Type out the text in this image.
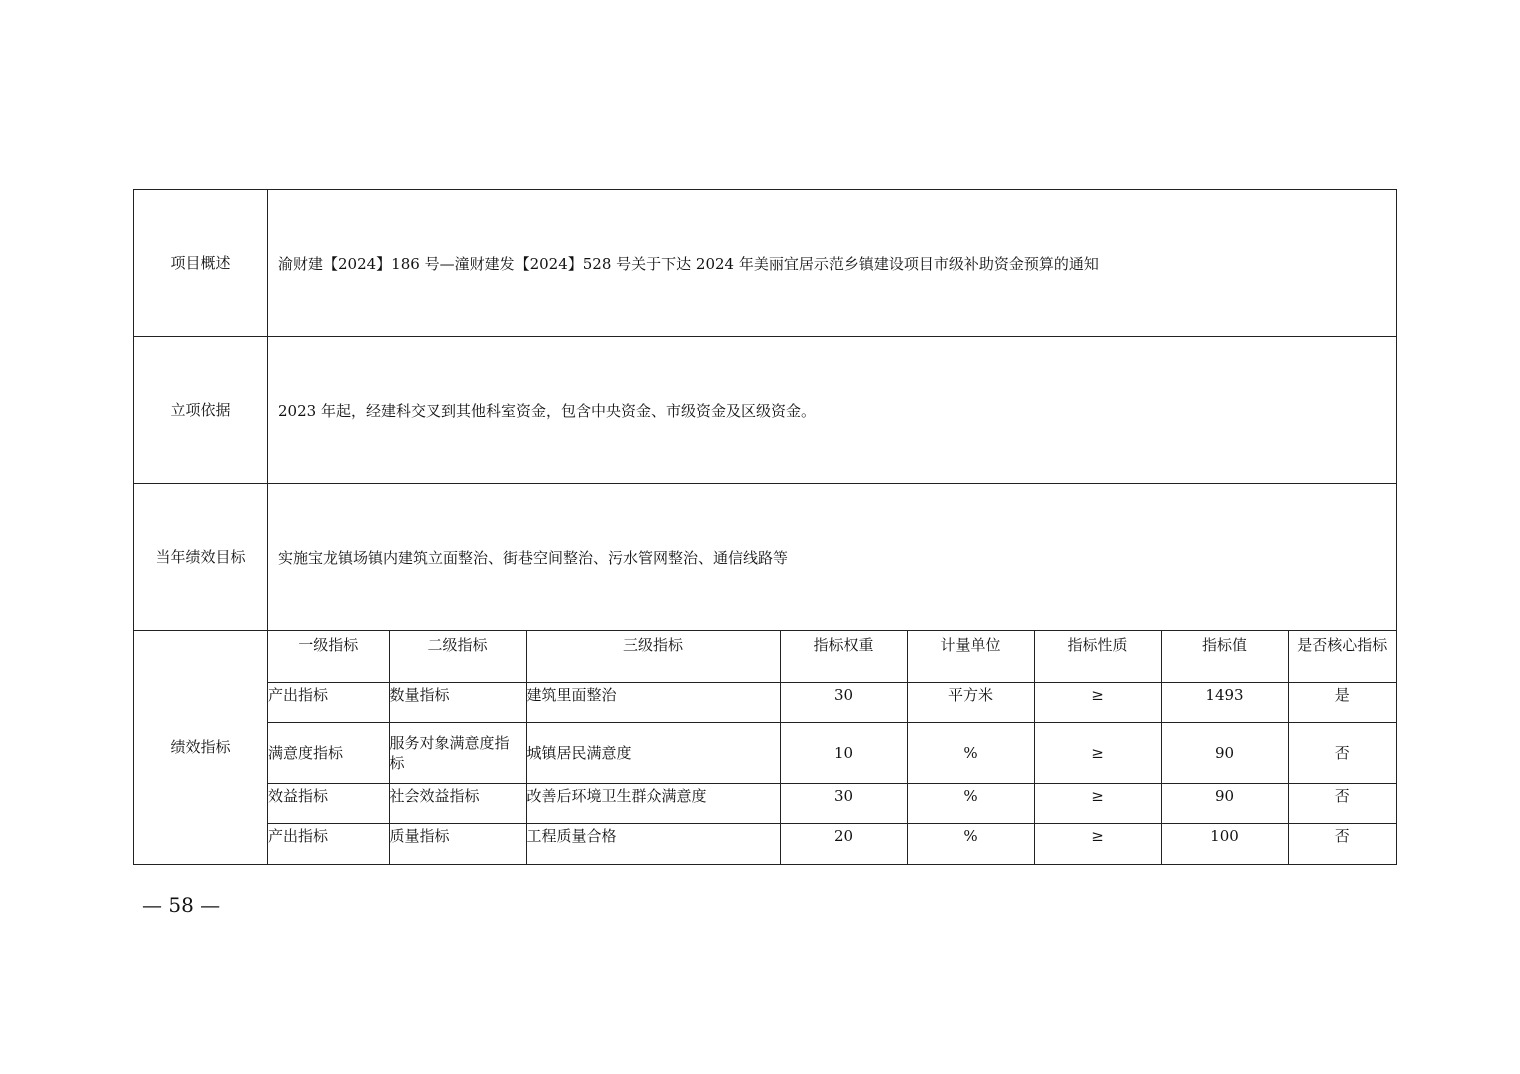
项目概述	渝财建【2024】186 号—潼财建发【2024】528 号关于下达 2024 年美丽宜居示范乡镇建设项目市级补助资金预算的通知
立项依据	2023 年起，经建科交叉到其他科室资金，包含中央资金、市级资金及区级资金。
当年绩效目标	实施宝龙镇场镇内建筑立面整治、街巷空间整治、污水管网整治、通信线路等
绩效指标	
一级指标	二级指标	三级指标	指标权重	计量单位	指标性质	指标值	是否核心指标
产出指标	数量指标	建筑里面整治	30	平方米	≥	1493	是
满意度指标	服务对象满意度指标	城镇居民满意度	10	%	≥	90	否
效益指标	社会效益指标	改善后环境卫生群众满意度	30	%	≥	90	否
产出指标	质量指标	工程质量合格	20	%	≥	100	否
— 58 —
